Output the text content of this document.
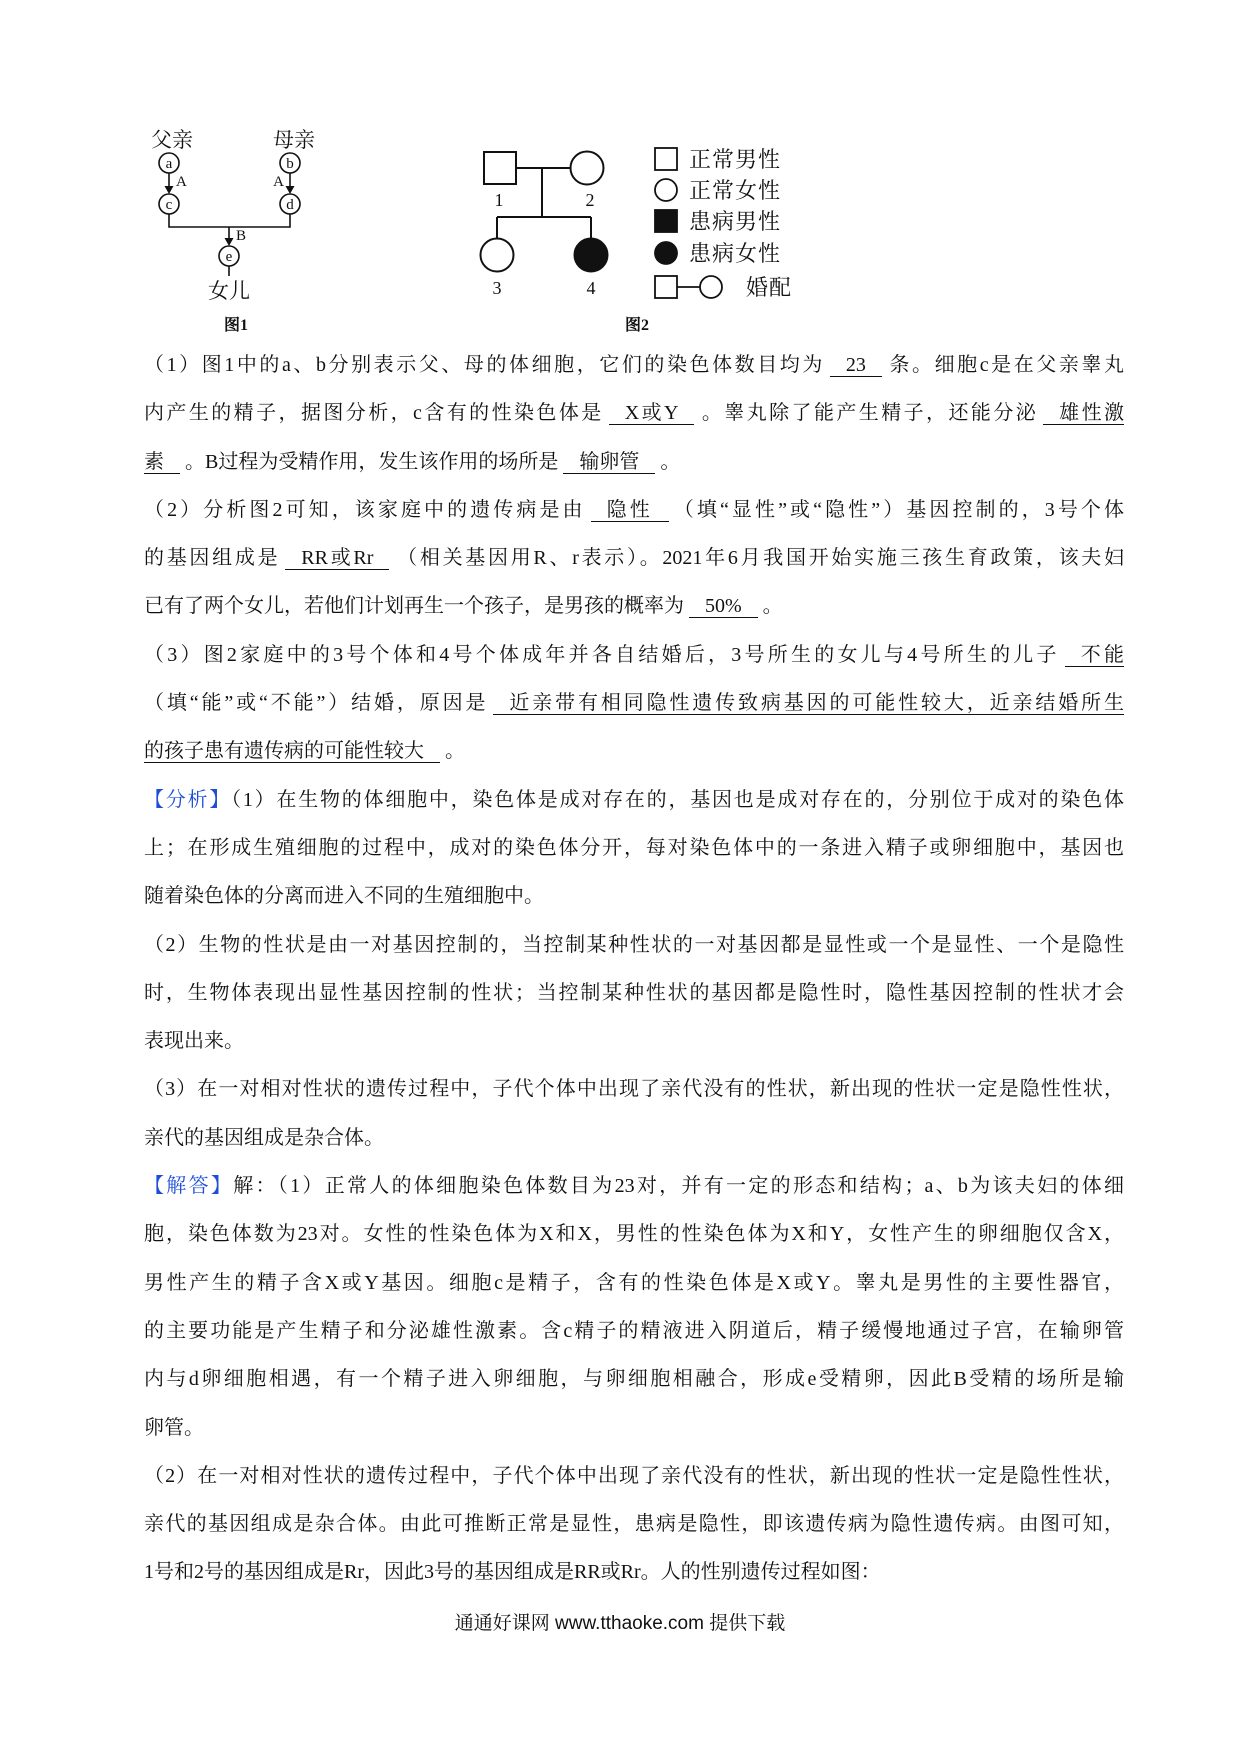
父亲	母亲
a	b
A	A
c	d
B
e
女儿
图1
1	2
3	4
图2
正常男性
正常女性
患病男性
患病女性
婚配
（1）图1中的a、b分别表示父、母的体细胞，它们的染色体数目均为 23 条。细胞c是在父亲睾丸
内产生的精子，据图分析，c含有的性染色体是 X或Y 。睾丸除了能产生精子，还能分泌 雄性激
素 。B过程为受精作用，发生该作用的场所是 输卵管 。
（2）分析图2可知，该家庭中的遗传病是由 隐性 （填“显性”或“隐性”）基因控制的，3号个体
的基因组成是 RR或Rr （相关基因用R、r表示）。2021年6月我国开始实施三孩生育政策，该夫妇
已有了两个女儿，若他们计划再生一个孩子，是男孩的概率为 50% 。
（3）图2家庭中的3号个体和4号个体成年并各自结婚后，3号所生的女儿与4号所生的儿子 不能
（填“能”或“不能”）结婚，原因是 近亲带有相同隐性遗传致病基因的可能性较大，近亲结婚所生
的孩子患有遗传病的可能性较大 。
【分析】（1）在生物的体细胞中，染色体是成对存在的，基因也是成对存在的，分别位于成对的染色体
上；在形成生殖细胞的过程中，成对的染色体分开，每对染色体中的一条进入精子或卵细胞中，基因也
随着染色体的分离而进入不同的生殖细胞中。
（2）生物的性状是由一对基因控制的，当控制某种性状的一对基因都是显性或一个是显性、一个是隐性
时，生物体表现出显性基因控制的性状；当控制某种性状的基因都是隐性时，隐性基因控制的性状才会
表现出来。
（3）在一对相对性状的遗传过程中，子代个体中出现了亲代没有的性状，新出现的性状一定是隐性性状，
亲代的基因组成是杂合体。
【解答】解：（1）正常人的体细胞染色体数目为23对，并有一定的形态和结构；a、b为该夫妇的体细
胞，染色体数为23对。女性的性染色体为X和X，男性的性染色体为X和Y，女性产生的卵细胞仅含X，
男性产生的精子含X或Y基因。细胞c是精子，含有的性染色体是X或Y。睾丸是男性的主要性器官，
的主要功能是产生精子和分泌雄性激素。含c精子的精液进入阴道后，精子缓慢地通过子宫，在输卵管
内与d卵细胞相遇，有一个精子进入卵细胞，与卵细胞相融合，形成e受精卵，因此B受精的场所是输
卵管。
（2）在一对相对性状的遗传过程中，子代个体中出现了亲代没有的性状，新出现的性状一定是隐性性状，
亲代的基因组成是杂合体。由此可推断正常是显性，患病是隐性，即该遗传病为隐性遗传病。由图可知，
1号和2号的基因组成是Rr，因此3号的基因组成是RR或Rr。人的性别遗传过程如图：
通通好课网 www.tthaoke.com 提供下载
